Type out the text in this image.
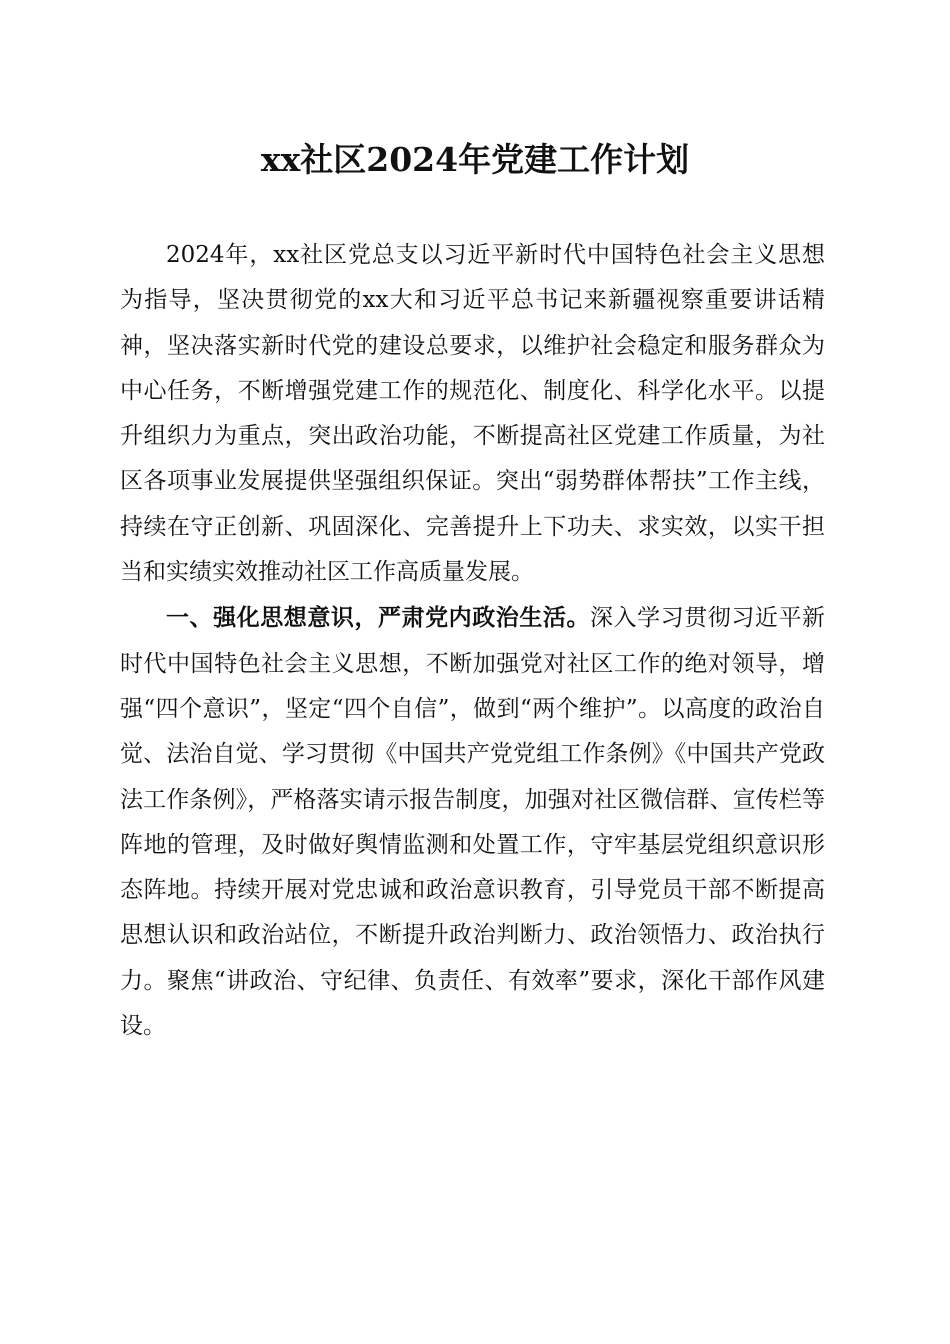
xx社区2024年党建工作计划

2024年，xx社区党总支以习近平新时代中国特色社会主义思想为指导，坚决贯彻党的xx大和习近平总书记来新疆视察重要讲话精神，坚决落实新时代党的建设总要求，以维护社会稳定和服务群众为中心任务，不断增强党建工作的规范化、制度化、科学化水平。以提升组织力为重点，突出政治功能，不断提高社区党建工作质量，为社区各项事业发展提供坚强组织保证。突出“弱势群体帮扶”工作主线，持续在守正创新、巩固深化、完善提升上下功夫、求实效，以实干担当和实绩实效推动社区工作高质量发展。

一、强化思想意识，严肃党内政治生活。深入学习贯彻习近平新时代中国特色社会主义思想，不断加强党对社区工作的绝对领导，增强“四个意识”，坚定“四个自信”，做到“两个维护”。以高度的政治自觉、法治自觉、学习贯彻《中国共产党党组工作条例》《中国共产党政法工作条例》，严格落实请示报告制度，加强对社区微信群、宣传栏等阵地的管理，及时做好舆情监测和处置工作，守牢基层党组织意识形态阵地。持续开展对党忠诚和政治意识教育，引导党员干部不断提高思想认识和政治站位，不断提升政治判断力、政治领悟力、政治执行力。聚焦“讲政治、守纪律、负责任、有效率”要求，深化干部作风建设。
